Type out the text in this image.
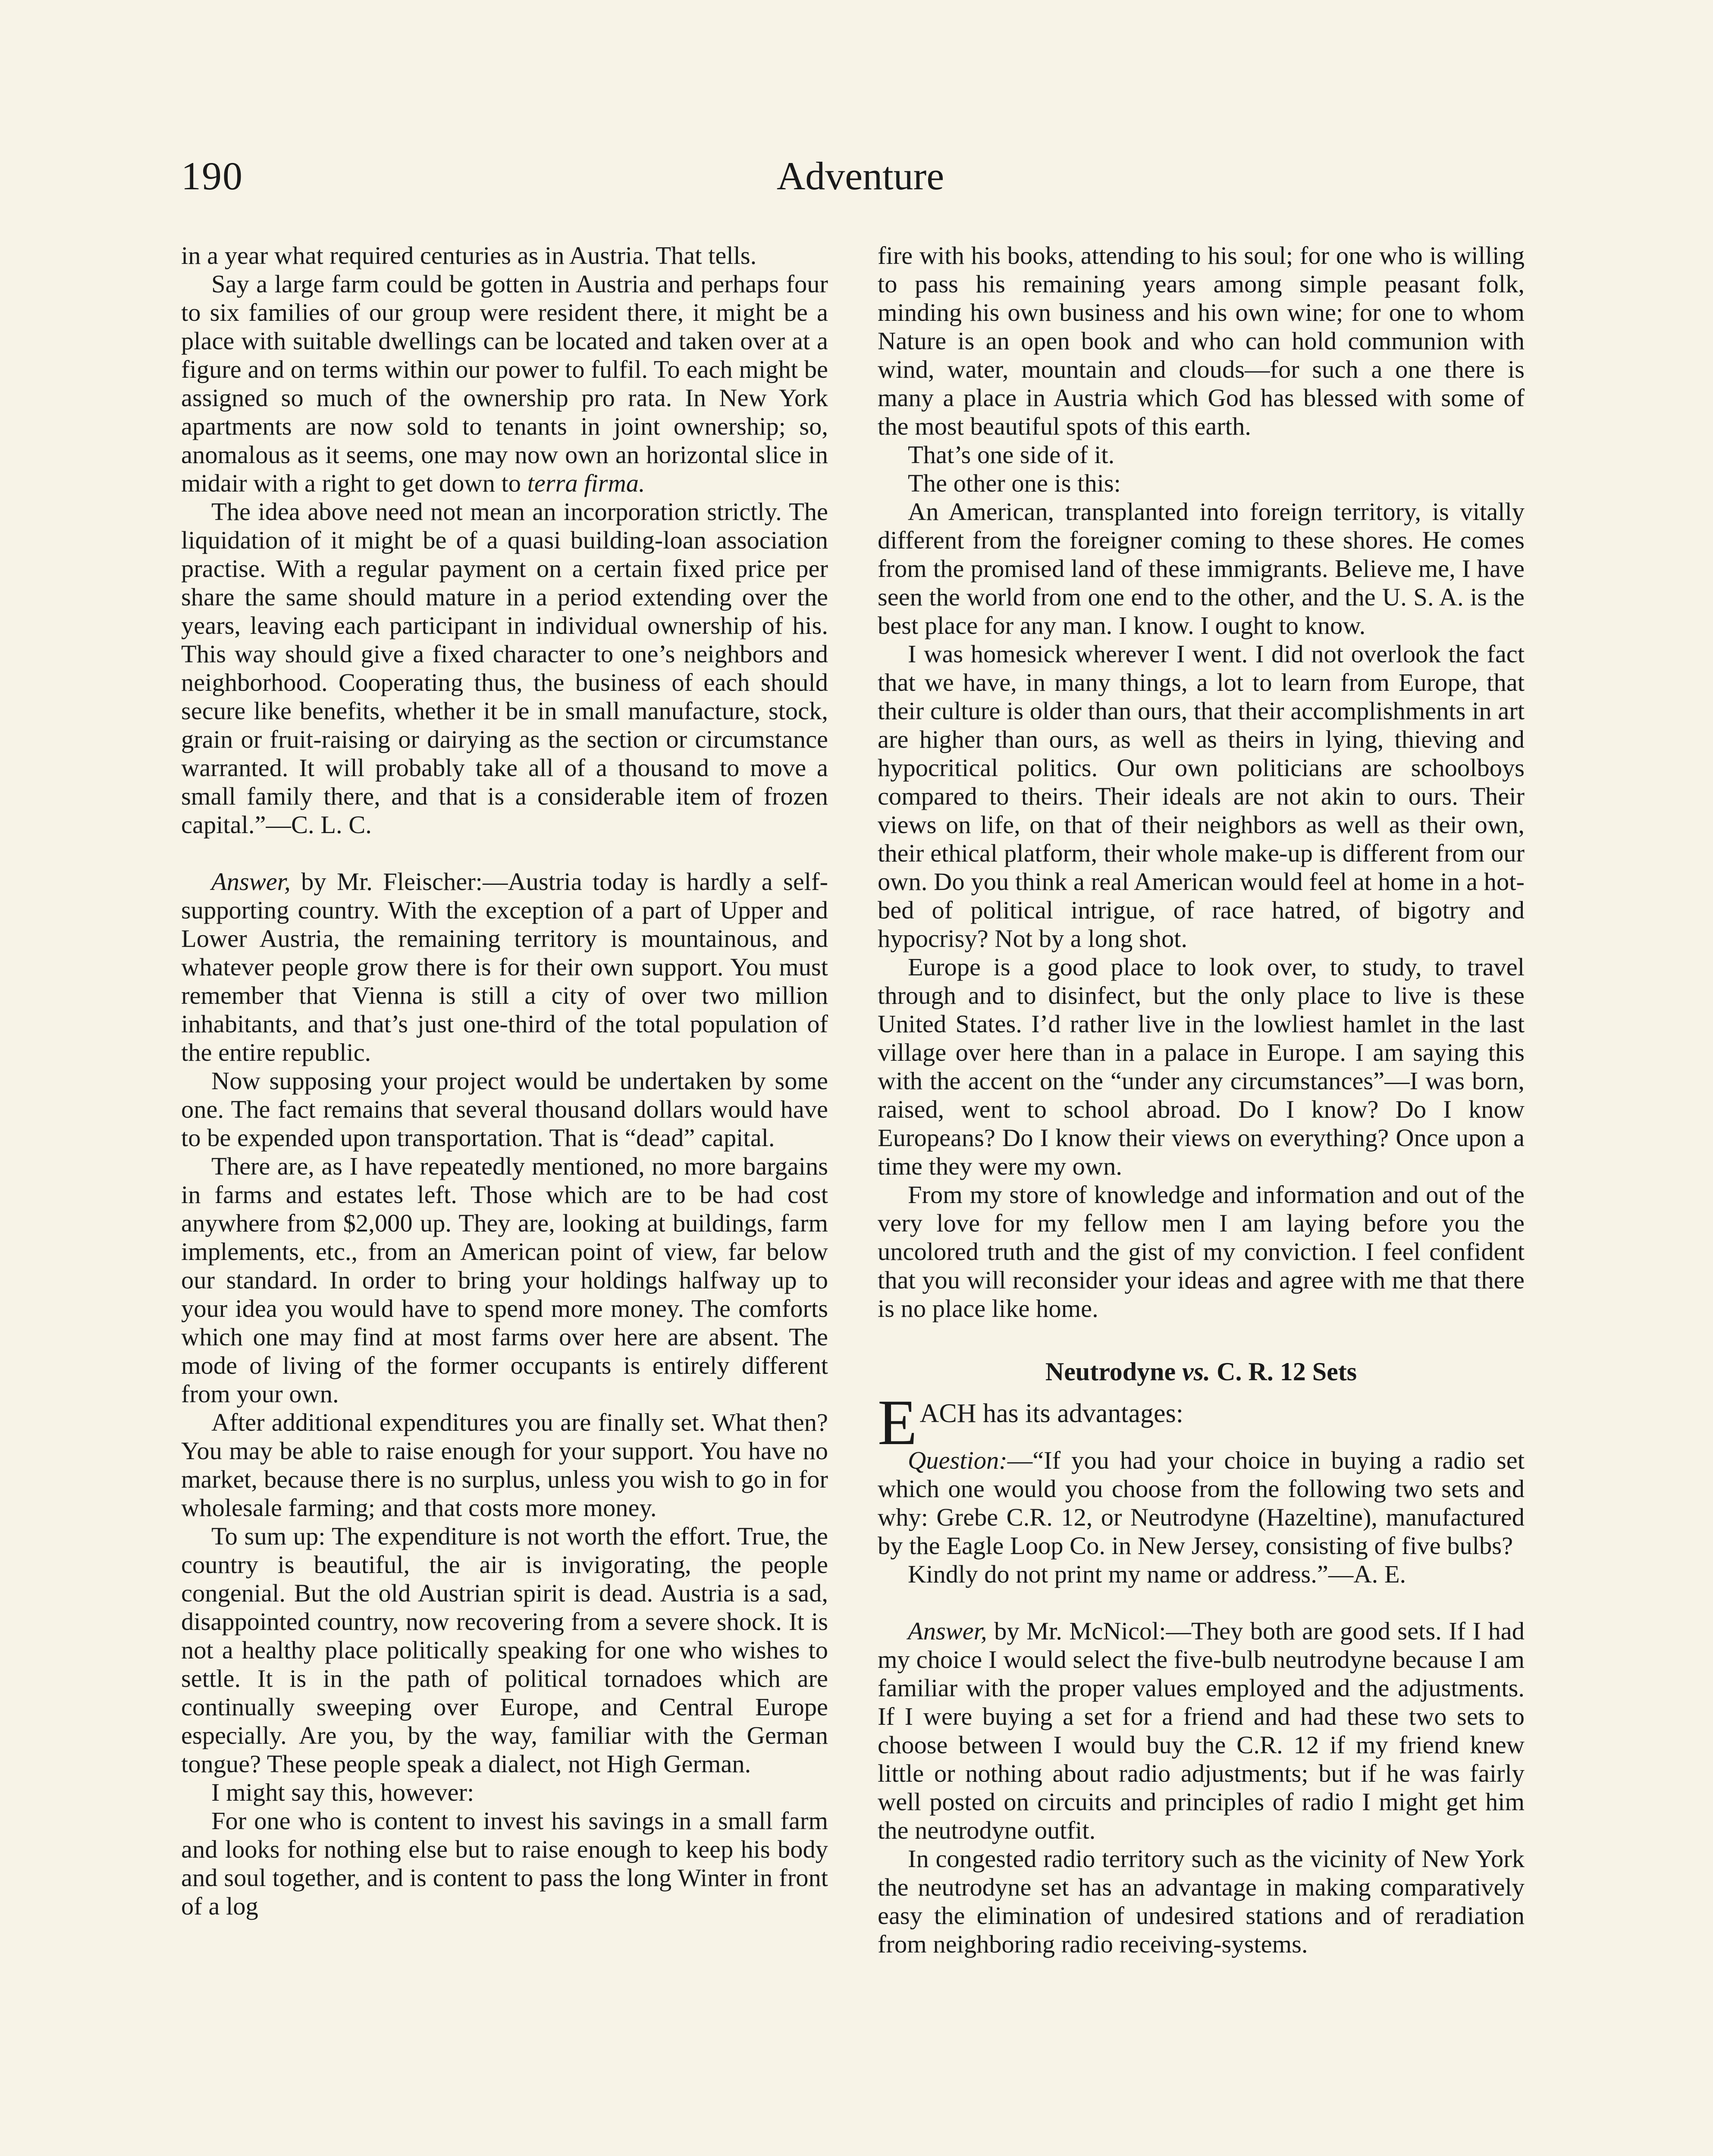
190	Adventure

in a year what required centuries as in Austria. That tells.

Say a large farm could be gotten in Austria and perhaps four to six families of our group were resident there, it might be a place with suitable dwellings can be located and taken over at a figure and on terms within our power to fulfil. To each might be assigned so much of the ownership pro rata. In New York apartments are now sold to tenants in joint ownership; so, anomalous as it seems, one may now own an horizontal slice in midair with a right to get down to terra firma.

The idea above need not mean an incorporation strictly. The liquidation of it might be of a quasi building-loan association practise. With a regular payment on a certain fixed price per share the same should mature in a period extending over the years, leaving each participant in individual ownership of his. This way should give a fixed character to one’s neighbors and neighborhood. Cooperating thus, the business of each should secure like benefits, whether it be in small manufacture, stock, grain or fruit-raising or dairying as the section or circumstance warranted. It will probably take all of a thousand to move a small family there, and that is a considerable item of frozen capital.”—C. L. C.

Answer, by Mr. Fleischer:—Austria today is hardly a self-supporting country. With the exception of a part of Upper and Lower Austria, the remaining territory is mountainous, and whatever people grow there is for their own support. You must remember that Vienna is still a city of over two million inhabitants, and that’s just one-third of the total population of the entire republic.

Now supposing your project would be undertaken by some one. The fact remains that several thousand dollars would have to be expended upon transportation. That is “dead” capital.

There are, as I have repeatedly mentioned, no more bargains in farms and estates left. Those which are to be had cost anywhere from $2,000 up. They are, looking at buildings, farm implements, etc., from an American point of view, far below our standard. In order to bring your holdings halfway up to your idea you would have to spend more money. The comforts which one may find at most farms over here are absent. The mode of living of the former occupants is entirely different from your own.

After additional expenditures you are finally set. What then? You may be able to raise enough for your support. You have no market, because there is no surplus, unless you wish to go in for wholesale farming; and that costs more money.

To sum up: The expenditure is not worth the effort. True, the country is beautiful, the air is invigorating, the people congenial. But the old Austrian spirit is dead. Austria is a sad, disappointed country, now recovering from a severe shock. It is not a healthy place politically speaking for one who wishes to settle. It is in the path of political tornadoes which are continually sweeping over Europe, and Central Europe especially. Are you, by the way, familiar with the German tongue? These people speak a dialect, not High German.

I might say this, however:

For one who is content to invest his savings in a small farm and looks for nothing else but to raise enough to keep his body and soul together, and is content to pass the long Winter in front of a log

fire with his books, attending to his soul; for one who is willing to pass his remaining years among simple peasant folk, minding his own business and his own wine; for one to whom Nature is an open book and who can hold communion with wind, water, mountain and clouds—for such a one there is many a place in Austria which God has blessed with some of the most beautiful spots of this earth.

That’s one side of it.

The other one is this:

An American, transplanted into foreign territory, is vitally different from the foreigner coming to these shores. He comes from the promised land of these immigrants. Believe me, I have seen the world from one end to the other, and the U. S. A. is the best place for any man. I know. I ought to know.

I was homesick wherever I went. I did not overlook the fact that we have, in many things, a lot to learn from Europe, that their culture is older than ours, that their accomplishments in art are higher than ours, as well as theirs in lying, thieving and hypocritical politics. Our own politicians are schoolboys compared to theirs. Their ideals are not akin to ours. Their views on life, on that of their neighbors as well as their own, their ethical platform, their whole make-up is different from our own. Do you think a real American would feel at home in a hot-bed of political intrigue, of race hatred, of bigotry and hypocrisy? Not by a long shot.

Europe is a good place to look over, to study, to travel through and to disinfect, but the only place to live is these United States. I’d rather live in the lowliest hamlet in the last village over here than in a palace in Europe. I am saying this with the accent on the “under any circumstances”—I was born, raised, went to school abroad. Do I know? Do I know Europeans? Do I know their views on everything? Once upon a time they were my own.

From my store of knowledge and information and out of the very love for my fellow men I am laying before you the uncolored truth and the gist of my conviction. I feel confident that you will reconsider your ideas and agree with me that there is no place like home.

Neutrodyne vs. C. R. 12 Sets

EACH has its advantages:

Question:—“If you had your choice in buying a radio set which one would you choose from the following two sets and why: Grebe C.R. 12, or Neutrodyne (Hazeltine), manufactured by the Eagle Loop Co. in New Jersey, consisting of five bulbs?

Kindly do not print my name or address.”—A. E.

Answer, by Mr. McNicol:—They both are good sets. If I had my choice I would select the five-bulb neutrodyne because I am familiar with the proper values employed and the adjustments. If I were buying a set for a friend and had these two sets to choose between I would buy the C.R. 12 if my friend knew little or nothing about radio adjustments; but if he was fairly well posted on circuits and principles of radio I might get him the neutrodyne outfit.

In congested radio territory such as the vicinity of New York the neutrodyne set has an advantage in making comparatively easy the elimination of undesired stations and of reradiation from neighboring radio receiving-systems.
